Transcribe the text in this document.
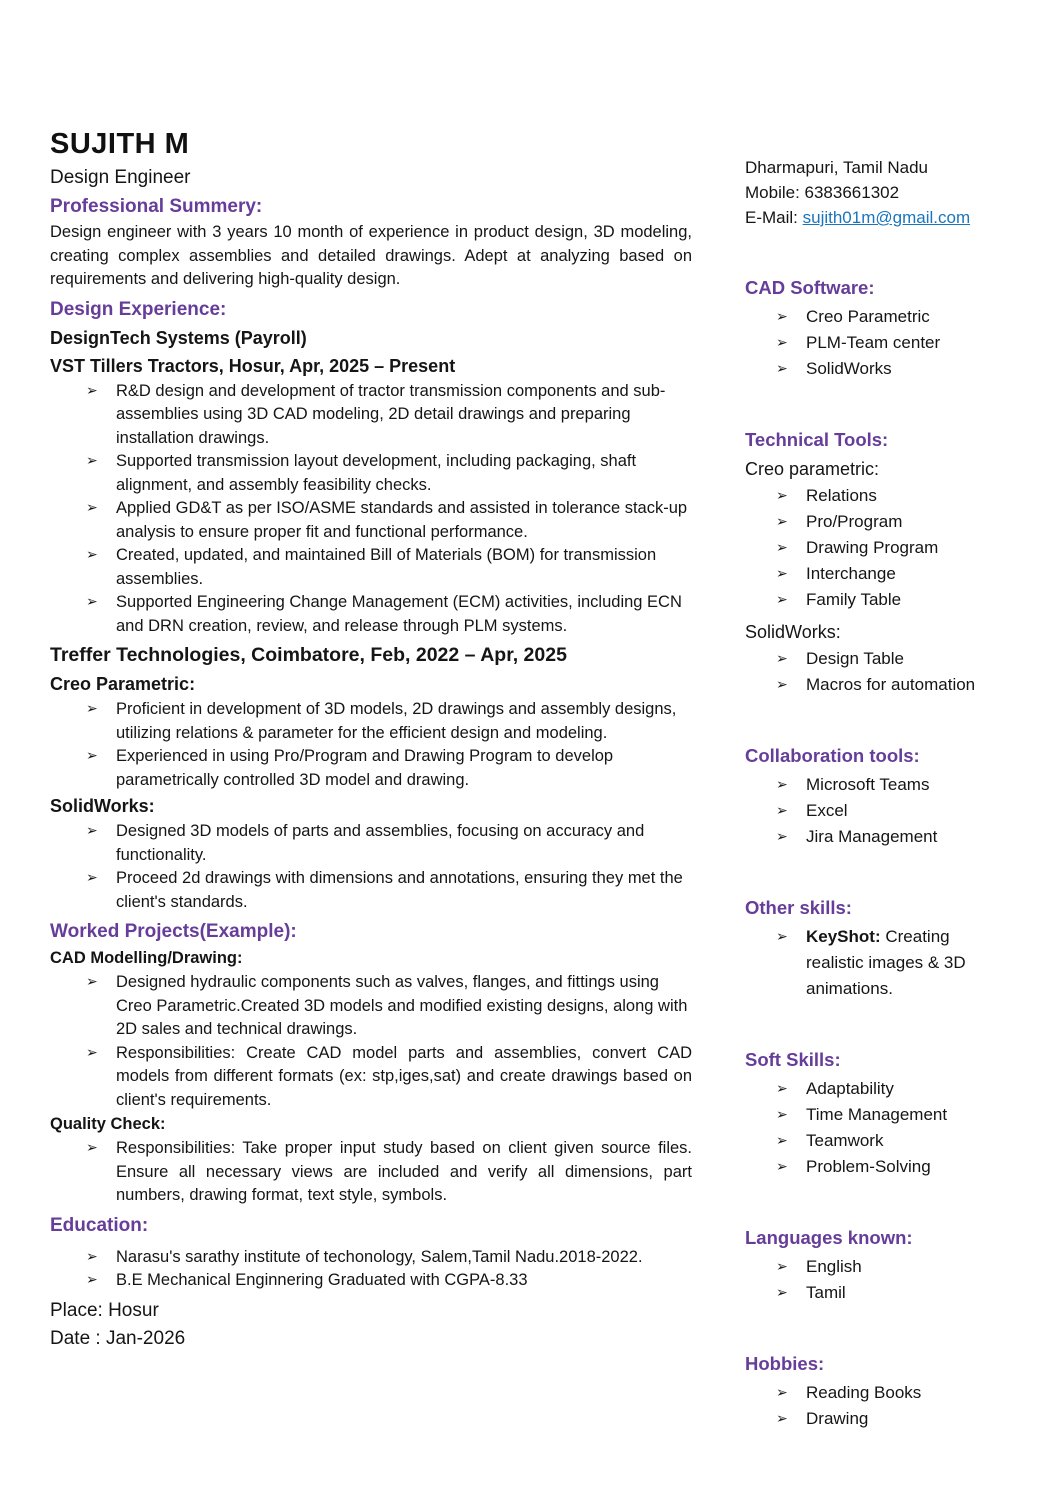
SUJITH M
Design Engineer
Professional Summery:
Design engineer with 3 years 10 month of experience in product design, 3D modeling, creating complex assemblies and detailed drawings. Adept at analyzing based on requirements and delivering high-quality design.
Design Experience:
DesignTech Systems (Payroll)
VST Tillers Tractors, Hosur, Apr, 2025 – Present
➢	R&D design and development of tractor transmission components and sub-assemblies using 3D CAD modeling, 2D detail drawings and preparing installation drawings.
➢	Supported transmission layout development, including packaging, shaft alignment, and assembly feasibility checks.
➢	Applied GD&T as per ISO/ASME standards and assisted in tolerance stack-up analysis to ensure proper fit and functional performance.
➢	Created, updated, and maintained Bill of Materials (BOM) for transmission assemblies.
➢	Supported Engineering Change Management (ECM) activities, including ECN and DRN creation, review, and release through PLM systems.
Treffer Technologies, Coimbatore, Feb, 2022 – Apr, 2025
Creo Parametric:
➢	Proficient in development of 3D models, 2D drawings and assembly designs, utilizing relations & parameter for the efficient design and modeling.
➢	Experienced in using Pro/Program and Drawing Program to develop parametrically controlled 3D model and drawing.
SolidWorks:
➢	Designed 3D models of parts and assemblies, focusing on accuracy and functionality.
➢	Proceed 2d drawings with dimensions and annotations, ensuring they met the client's standards.
Worked Projects(Example):
CAD Modelling/Drawing:
➢	Designed hydraulic components such as valves, flanges, and fittings using Creo Parametric.Created 3D models and modified existing designs, along with 2D sales and technical drawings.
➢	Responsibilities: Create CAD model parts and assemblies, convert CAD models from different formats (ex: stp,iges,sat) and create drawings based on client's requirements.
Quality Check:
➢	Responsibilities: Take proper input study based on client given source files. Ensure all necessary views are included and verify all dimensions, part numbers, drawing format, text style, symbols.
Education:
➢	Narasu's sarathy institute of techonology, Salem,Tamil Nadu.2018-2022.
➢	B.E Mechanical Enginnering Graduated with CGPA-8.33
Place: Hosur
Date : Jan-2026
Dharmapuri, Tamil Nadu
Mobile: 6383661302
E-Mail: sujith01m@gmail.com
CAD Software:
➢	Creo Parametric
➢	PLM-Team center
➢	SolidWorks
Technical Tools:
Creo parametric:
➢	Relations
➢	Pro/Program
➢	Drawing Program
➢	Interchange
➢	Family Table
SolidWorks:
➢	Design Table
➢	Macros for automation
Collaboration tools:
➢	Microsoft Teams
➢	Excel
➢	Jira Management
Other skills:
➢	KeyShot: Creating realistic images & 3D animations.
Soft Skills:
➢	Adaptability
➢	Time Management
➢	Teamwork
➢	Problem-Solving
Languages known:
➢	English
➢	Tamil
Hobbies:
➢	Reading Books
➢	Drawing
